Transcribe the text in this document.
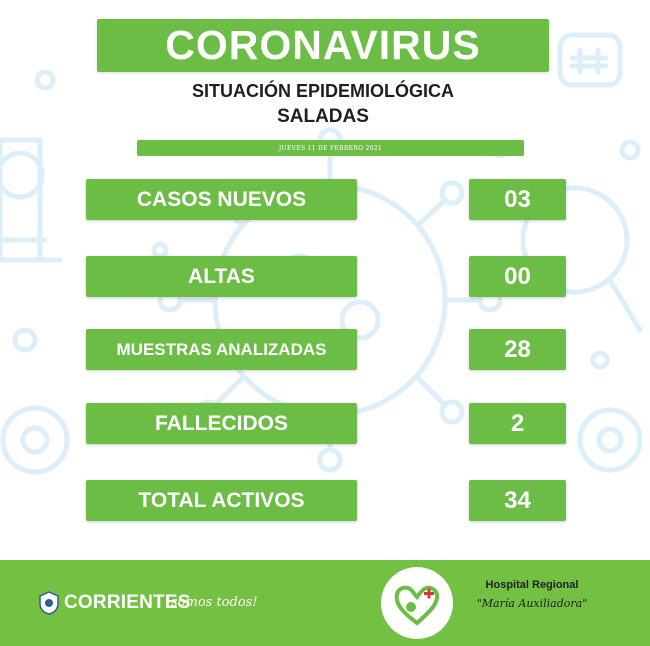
CORONAVIRUS
SITUACIÓN EPIDEMIOLÓGICA
SALADAS
JUEVES 11 DE FEBRERO 2021
CASOS NUEVOS	03
ALTAS	00
MUESTRAS ANALIZADAS	28
FALLECIDOS	2
TOTAL ACTIVOS	34
CORRIENTES
somos todos!
Hospital Regional
"María Auxiliadora"
